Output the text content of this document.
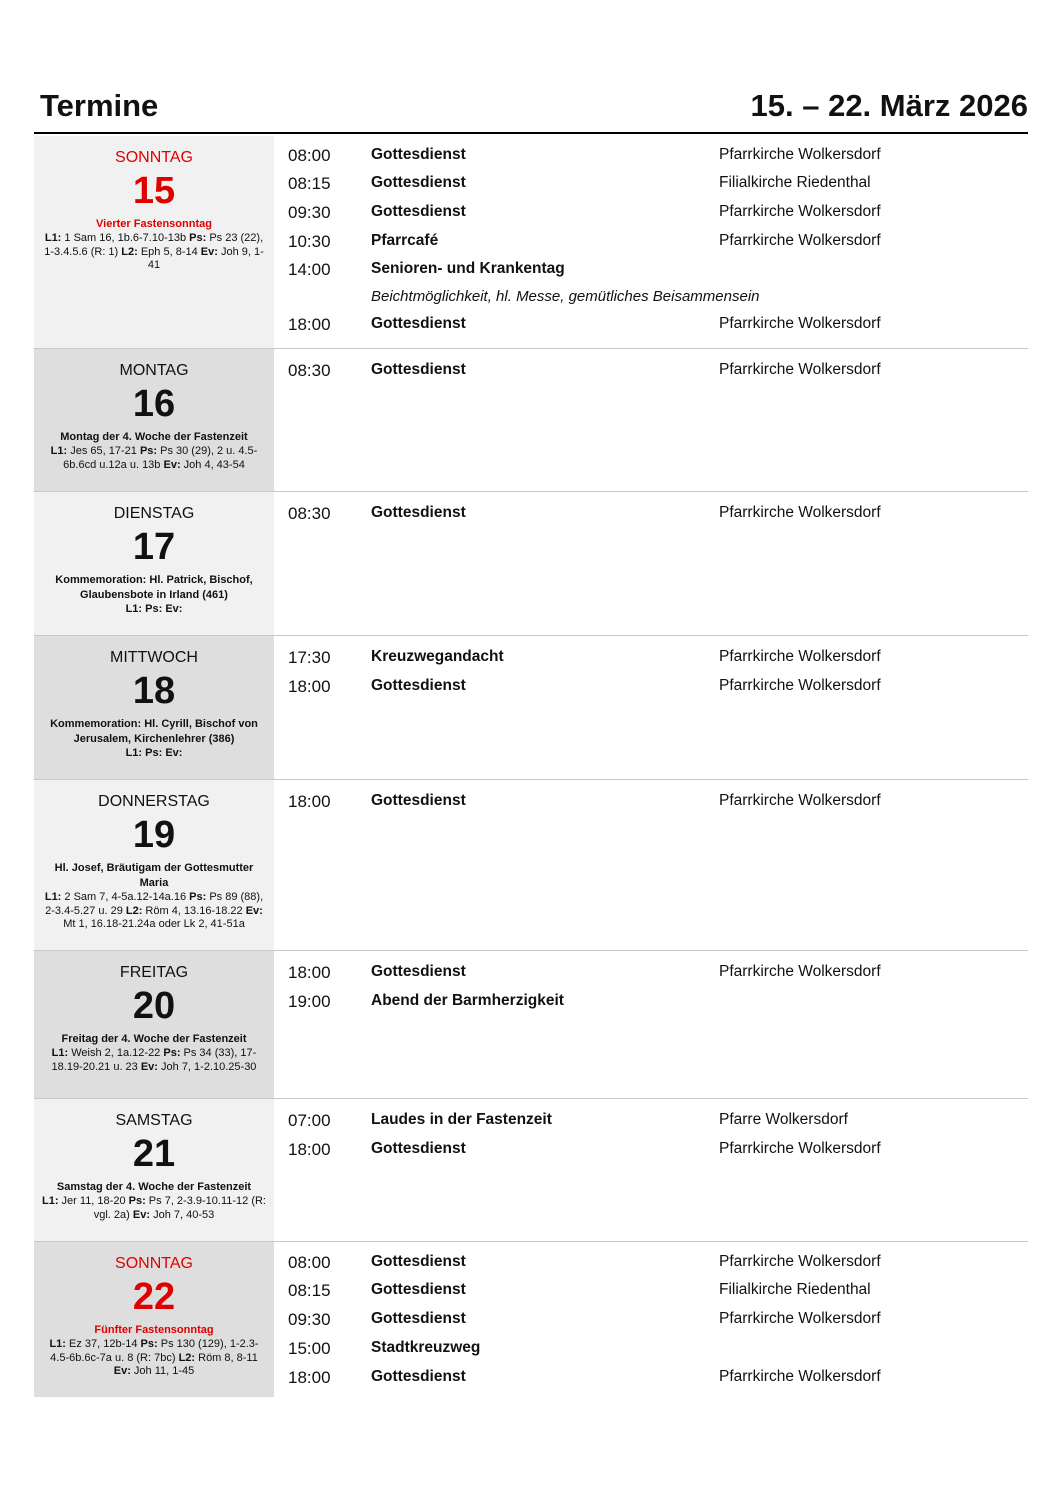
Termine	15. – 22. März 2026
SONNTAG
15
Vierter Fastensonntag
L1: 1 Sam 16, 1b.6-7.10-13b Ps: Ps 23 (22), 1-3.4.5.6 (R: 1) L2: Eph 5, 8-14 Ev: Joh 9, 1-41
08:00	Gottesdienst	Pfarrkirche Wolkersdorf
08:15	Gottesdienst	Filialkirche Riedenthal
09:30	Gottesdienst	Pfarrkirche Wolkersdorf
10:30	Pfarrcafé	Pfarrkirche Wolkersdorf
14:00	Senioren- und Krankentag
Beichtmöglichkeit, hl. Messe, gemütliches Beisammensein
18:00	Gottesdienst	Pfarrkirche Wolkersdorf
MONTAG
16
Montag der 4. Woche der Fastenzeit
L1: Jes 65, 17-21 Ps: Ps 30 (29), 2 u. 4.5-6b.6cd u.12a u. 13b Ev: Joh 4, 43-54
08:30	Gottesdienst	Pfarrkirche Wolkersdorf
DIENSTAG
17
Kommemoration: Hl. Patrick, Bischof, Glaubensbote in Irland (461)
L1: Ps: Ev:
08:30	Gottesdienst	Pfarrkirche Wolkersdorf
MITTWOCH
18
Kommemoration: Hl. Cyrill, Bischof von Jerusalem, Kirchenlehrer (386)
L1: Ps: Ev:
17:30	Kreuzwegandacht	Pfarrkirche Wolkersdorf
18:00	Gottesdienst	Pfarrkirche Wolkersdorf
DONNERSTAG
19
Hl. Josef, Bräutigam der Gottesmutter Maria
L1: 2 Sam 7, 4-5a.12-14a.16 Ps: Ps 89 (88), 2-3.4-5.27 u. 29 L2: Röm 4, 13.16-18.22 Ev: Mt 1, 16.18-21.24a oder Lk 2, 41-51a
18:00	Gottesdienst	Pfarrkirche Wolkersdorf
FREITAG
20
Freitag der 4. Woche der Fastenzeit
L1: Weish 2, 1a.12-22 Ps: Ps 34 (33), 17-18.19-20.21 u. 23 Ev: Joh 7, 1-2.10.25-30
18:00	Gottesdienst	Pfarrkirche Wolkersdorf
19:00	Abend der Barmherzigkeit
SAMSTAG
21
Samstag der 4. Woche der Fastenzeit
L1: Jer 11, 18-20 Ps: Ps 7, 2-3.9-10.11-12 (R: vgl. 2a) Ev: Joh 7, 40-53
07:00	Laudes in der Fastenzeit	Pfarre Wolkersdorf
18:00	Gottesdienst	Pfarrkirche Wolkersdorf
SONNTAG
22
Fünfter Fastensonntag
L1: Ez 37, 12b-14 Ps: Ps 130 (129), 1-2.3-4.5-6b.6c-7a u. 8 (R: 7bc) L2: Röm 8, 8-11 Ev: Joh 11, 1-45
08:00	Gottesdienst	Pfarrkirche Wolkersdorf
08:15	Gottesdienst	Filialkirche Riedenthal
09:30	Gottesdienst	Pfarrkirche Wolkersdorf
15:00	Stadtkreuzweg
18:00	Gottesdienst	Pfarrkirche Wolkersdorf
